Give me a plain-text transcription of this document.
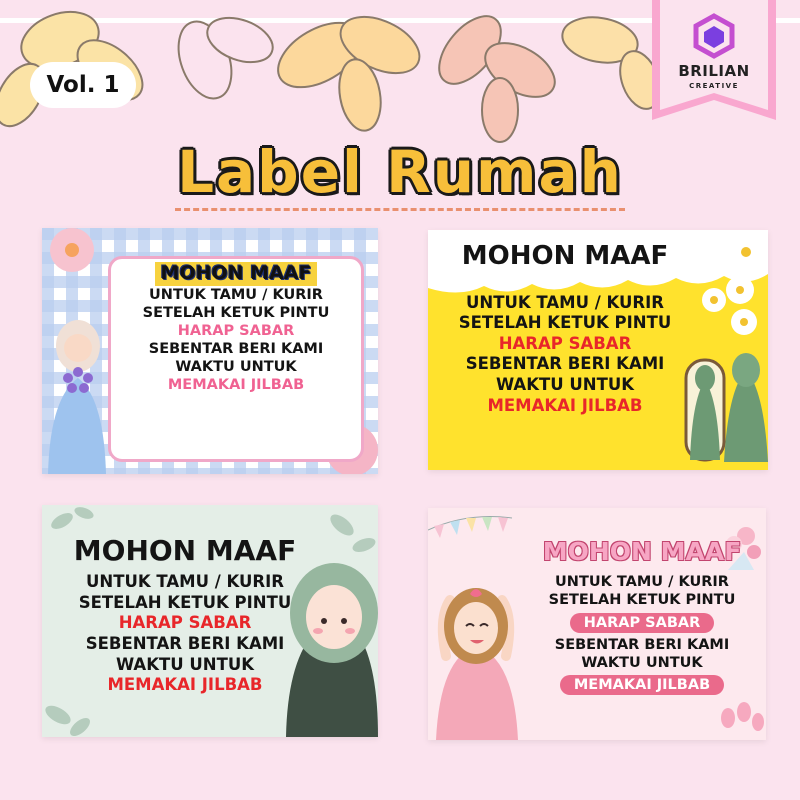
Vol. 1
BRILIAN
CREATIVE
Label Rumah
MOHON MAAF
UNTUK TAMU / KURIR
SETELAH KETUK PINTU
HARAP SABAR
SEBENTAR BERI KAMI
WAKTU UNTUK
MEMAKAI JILBAB
MOHON MAAF
UNTUK TAMU / KURIR
SETELAH KETUK PINTU
HARAP SABAR
SEBENTAR BERI KAMI
WAKTU UNTUK
MEMAKAI JILBAB
MOHON MAAF
UNTUK TAMU / KURIR
SETELAH KETUK PINTU
HARAP SABAR
SEBENTAR BERI KAMI
WAKTU UNTUK
MEMAKAI JILBAB
MOHON MAAF
UNTUK TAMU / KURIR
SETELAH KETUK PINTU
HARAP SABAR
SEBENTAR BERI KAMI
WAKTU UNTUK
MEMAKAI JILBAB
